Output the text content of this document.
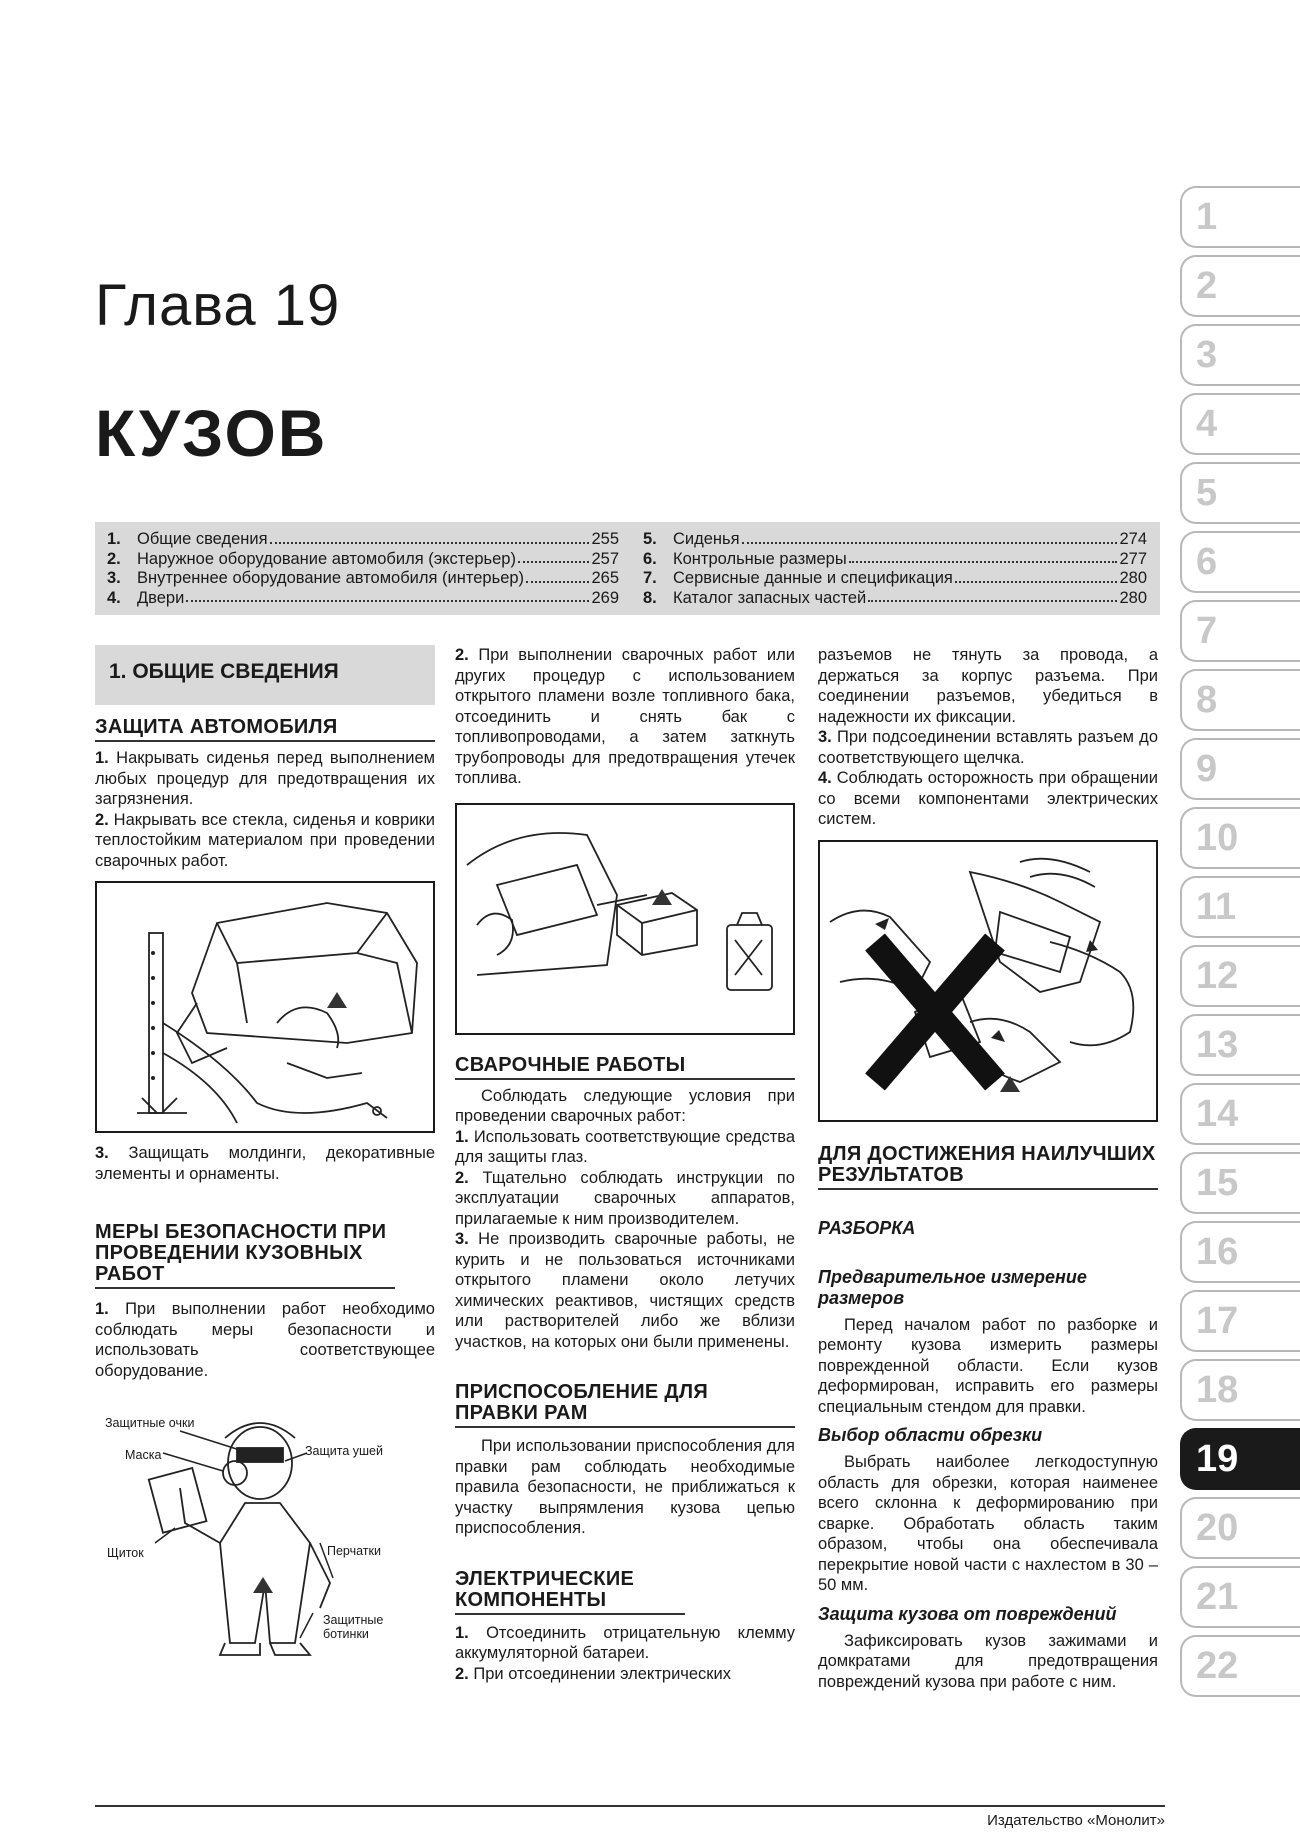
Глава 19
КУЗОВ
1. Общие сведения	255
2. Наружное оборудование автомобиля (экстерьер)	257
3. Внутреннее оборудование автомобиля (интерьер)	265
4. Двери	269
5. Сиденья	274
6. Контрольные размеры	277
7. Сервисные данные и спецификация	280
8. Каталог запасных частей	280
1
2
3
4
5
6
7
8
9
10
11
12
13
14
15
16
17
18
19
20
21
22
1. ОБЩИЕ СВЕДЕНИЯ
ЗАЩИТА АВТОМОБИЛЯ

1. Накрывать сиденья перед выполнением любых процедур для предотвращения их загрязнения.

2. Накрывать все стекла, сиденья и коврики теплостойким материалом при проведении сварочных работ.

3. Защищать молдинги, декоративные элементы и орнаменты.

МЕРЫ БЕЗОПАСНОСТИ ПРИ ПРОВЕДЕНИИ КУЗОВНЫХ РАБОТ

1. При выполнении работ необходимо соблюдать меры безопасности и использовать соответствующее оборудование.

Защитные очки
Маска	Защита ушей
Щиток	Перчатки
Защитные ботинки

2. При выполнении сварочных работ или других процедур с использованием открытого пламени возле топливного бака, отсоединить и снять бак с топливопроводами, а затем заткнуть трубопроводы для предотвращения утечек топлива.

СВАРОЧНЫЕ РАБОТЫ

Соблюдать следующие условия при проведении сварочных работ:

1. Использовать соответствующие средства для защиты глаз.

2. Тщательно соблюдать инструкции по эксплуатации сварочных аппаратов, прилагаемые к ним производителем.

3. Не производить сварочные работы, не курить и не пользоваться источниками открытого пламени около летучих химических реактивов, чистящих средств или растворителей либо же вблизи участков, на которых они были применены.

ПРИСПОСОБЛЕНИЕ ДЛЯ ПРАВКИ РАМ

При использовании приспособления для правки рам соблюдать необходимые правила безопасности, не приближаться к участку выпрямления кузова цепью приспособления.

ЭЛЕКТРИЧЕСКИЕ КОМПОНЕНТЫ

1. Отсоединить отрицательную клемму аккумуляторной батареи.

2. При отсоединении электрических

разъемов не тянуть за провода, а держаться за корпус разъема. При соединении разъемов, убедиться в надежности их фиксации.

3. При подсоединении вставлять разъем до соответствующего щелчка.

4. Соблюдать осторожность при обращении со всеми компонентами электрических систем.

ДЛЯ ДОСТИЖЕНИЯ НАИЛУЧШИХ РЕЗУЛЬТАТОВ
РАЗБОРКА
Предварительное измерение размеров

Перед началом работ по разборке и ремонту кузова измерить размеры поврежденной области. Если кузов деформирован, исправить его размеры специальным стендом для правки.

Выбор области обрезки

Выбрать наиболее легкодоступную область для обрезки, которая наименее всего склонна к деформированию при сварке. Обработать область таким образом, чтобы она обеспечивала перекрытие новой части с нахлестом в 30 – 50 мм.

Защита кузова от повреждений

Зафиксировать кузов зажимами и домкратами для предотвращения повреждений кузова при работе с ним.

Издательство «Монолит»
